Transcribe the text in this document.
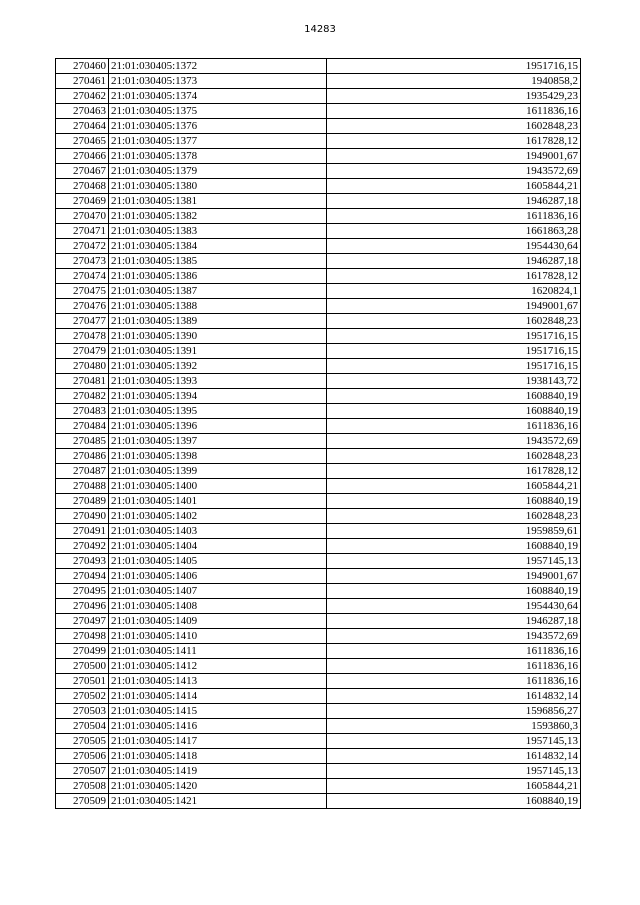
14283
270460	21:01:030405:1372	1951716,15
270461	21:01:030405:1373	1940858,2
270462	21:01:030405:1374	1935429,23
270463	21:01:030405:1375	1611836,16
270464	21:01:030405:1376	1602848,23
270465	21:01:030405:1377	1617828,12
270466	21:01:030405:1378	1949001,67
270467	21:01:030405:1379	1943572,69
270468	21:01:030405:1380	1605844,21
270469	21:01:030405:1381	1946287,18
270470	21:01:030405:1382	1611836,16
270471	21:01:030405:1383	1661863,28
270472	21:01:030405:1384	1954430,64
270473	21:01:030405:1385	1946287,18
270474	21:01:030405:1386	1617828,12
270475	21:01:030405:1387	1620824,1
270476	21:01:030405:1388	1949001,67
270477	21:01:030405:1389	1602848,23
270478	21:01:030405:1390	1951716,15
270479	21:01:030405:1391	1951716,15
270480	21:01:030405:1392	1951716,15
270481	21:01:030405:1393	1938143,72
270482	21:01:030405:1394	1608840,19
270483	21:01:030405:1395	1608840,19
270484	21:01:030405:1396	1611836,16
270485	21:01:030405:1397	1943572,69
270486	21:01:030405:1398	1602848,23
270487	21:01:030405:1399	1617828,12
270488	21:01:030405:1400	1605844,21
270489	21:01:030405:1401	1608840,19
270490	21:01:030405:1402	1602848,23
270491	21:01:030405:1403	1959859,61
270492	21:01:030405:1404	1608840,19
270493	21:01:030405:1405	1957145,13
270494	21:01:030405:1406	1949001,67
270495	21:01:030405:1407	1608840,19
270496	21:01:030405:1408	1954430,64
270497	21:01:030405:1409	1946287,18
270498	21:01:030405:1410	1943572,69
270499	21:01:030405:1411	1611836,16
270500	21:01:030405:1412	1611836,16
270501	21:01:030405:1413	1611836,16
270502	21:01:030405:1414	1614832,14
270503	21:01:030405:1415	1596856,27
270504	21:01:030405:1416	1593860,3
270505	21:01:030405:1417	1957145,13
270506	21:01:030405:1418	1614832,14
270507	21:01:030405:1419	1957145,13
270508	21:01:030405:1420	1605844,21
270509	21:01:030405:1421	1608840,19
